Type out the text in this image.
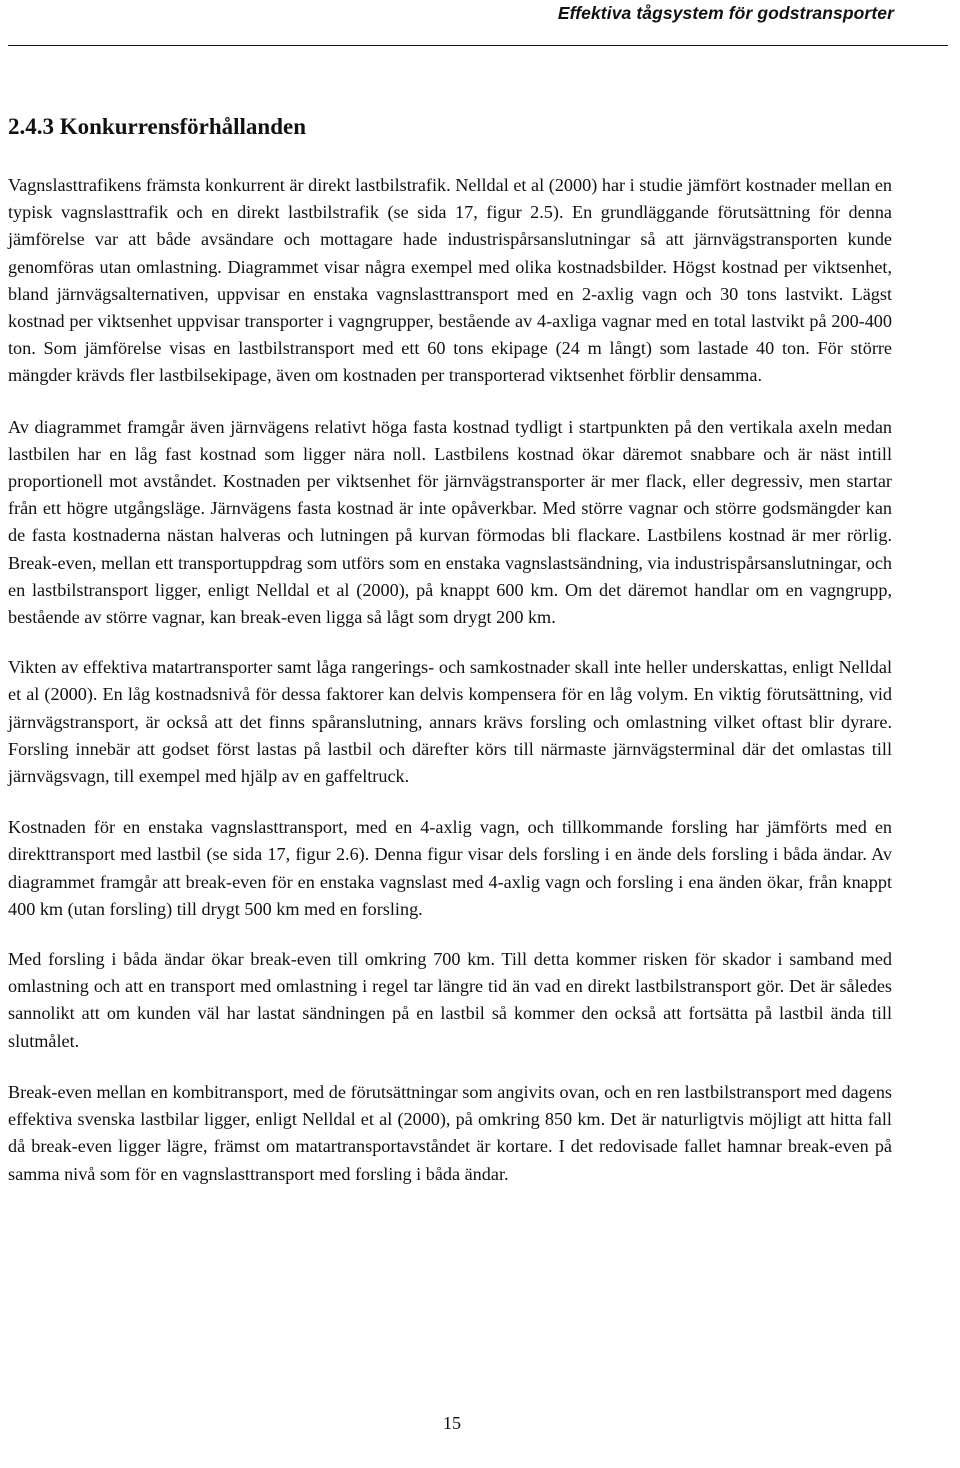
Effektiva tågsystem för godstransporter
2.4.3 Konkurrensförhållanden

Vagnslasttrafikens främsta konkurrent är direkt lastbilstrafik. Nelldal et al (2000) har i studie jämfört kostnader mellan en typisk vagnslasttrafik och en direkt lastbilstrafik (se sida 17, figur 2.5). En grundläggande förutsättning för denna jämförelse var att både avsändare och mottagare hade industrispårsanslutningar så att järnvägstransporten kunde genomföras utan omlastning. Diagrammet visar några exempel med olika kostnadsbilder. Högst kostnad per viktsenhet, bland järnvägsalternativen, uppvisar en enstaka vagnslasttransport med en 2-axlig vagn och 30 tons lastvikt. Lägst kostnad per viktsenhet uppvisar transporter i vagngrupper, bestående av 4-axliga vagnar med en total lastvikt på 200-400 ton. Som jämförelse visas en lastbilstransport med ett 60 tons ekipage (24 m långt) som lastade 40 ton. För större mängder krävds fler lastbilsekipage, även om kostnaden per transporterad viktsenhet förblir densamma.

Av diagrammet framgår även järnvägens relativt höga fasta kostnad tydligt i startpunkten på den vertikala axeln medan lastbilen har en låg fast kostnad som ligger nära noll. Lastbilens kostnad ökar däremot snabbare och är näst intill proportionell mot avståndet. Kostnaden per viktsenhet för järnvägstransporter är mer flack, eller degressiv, men startar från ett högre utgångsläge. Järnvägens fasta kostnad är inte opåverkbar. Med större vagnar och större godsmängder kan de fasta kostnaderna nästan halveras och lutningen på kurvan förmodas bli flackare. Lastbilens kostnad är mer rörlig. Break-even, mellan ett transportuppdrag som utförs som en enstaka vagnslastsändning, via industrispårsanslutningar, och en lastbilstransport ligger, enligt Nelldal et al (2000), på knappt 600 km. Om det däremot handlar om en vagngrupp, bestående av större vagnar, kan break-even ligga så lågt som drygt 200 km.

Vikten av effektiva matartransporter samt låga rangerings- och samkostnader skall inte heller underskattas, enligt Nelldal et al (2000). En låg kostnadsnivå för dessa faktorer kan delvis kompensera för en låg volym. En viktig förutsättning, vid järnvägstransport, är också att det finns spåranslutning, annars krävs forsling och omlastning vilket oftast blir dyrare. Forsling innebär att godset först lastas på lastbil och därefter körs till närmaste järnvägsterminal där det omlastas till järnvägsvagn, till exempel med hjälp av en gaffeltruck.

Kostnaden för en enstaka vagnslasttransport, med en 4-axlig vagn, och tillkommande forsling har jämförts med en direkttransport med lastbil (se sida 17, figur 2.6). Denna figur visar dels forsling i en ände dels forsling i båda ändar. Av diagrammet framgår att break-even för en enstaka vagnslast med 4-axlig vagn och forsling i ena änden ökar, från knappt 400 km (utan forsling) till drygt 500 km med en forsling.

Med forsling i båda ändar ökar break-even till omkring 700 km. Till detta kommer risken för skador i samband med omlastning och att en transport med omlastning i regel tar längre tid än vad en direkt lastbilstransport gör. Det är således sannolikt att om kunden väl har lastat sändningen på en lastbil så kommer den också att fortsätta på lastbil ända till slutmålet.

Break-even mellan en kombitransport, med de förutsättningar som angivits ovan, och en ren lastbilstransport med dagens effektiva svenska lastbilar ligger, enligt Nelldal et al (2000), på omkring 850 km. Det är naturligtvis möjligt att hitta fall då break-even ligger lägre, främst om matartransportavståndet är kortare. I det redovisade fallet hamnar break-even på samma nivå som för en vagnslasttransport med forsling i båda ändar.

15
